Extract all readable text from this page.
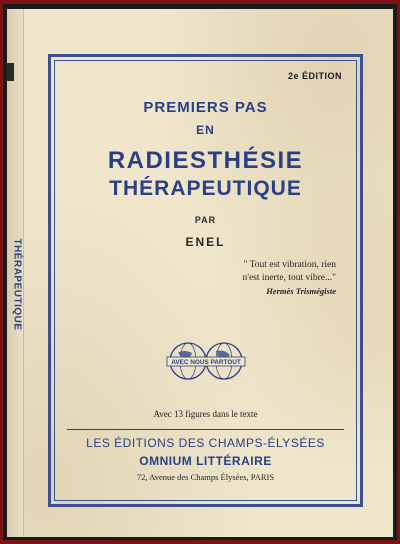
THÉRAPEUTIQUE
2e ÉDITION
PREMIERS PAS
EN
RADIESTHÉSIE
THÉRAPEUTIQUE
PAR
ENEL
" Tout est vibration, rien
n'est inerte, tout vibre..."
Hermès Trismégiste
AVEC NOUS PARTOUT
Avec 13 figures dans le texte
LES ÉDITIONS DES CHAMPS-ÉLYSÉES
OMNIUM LITTÉRAIRE
72, Avenue des Champs Élysées, PARIS
